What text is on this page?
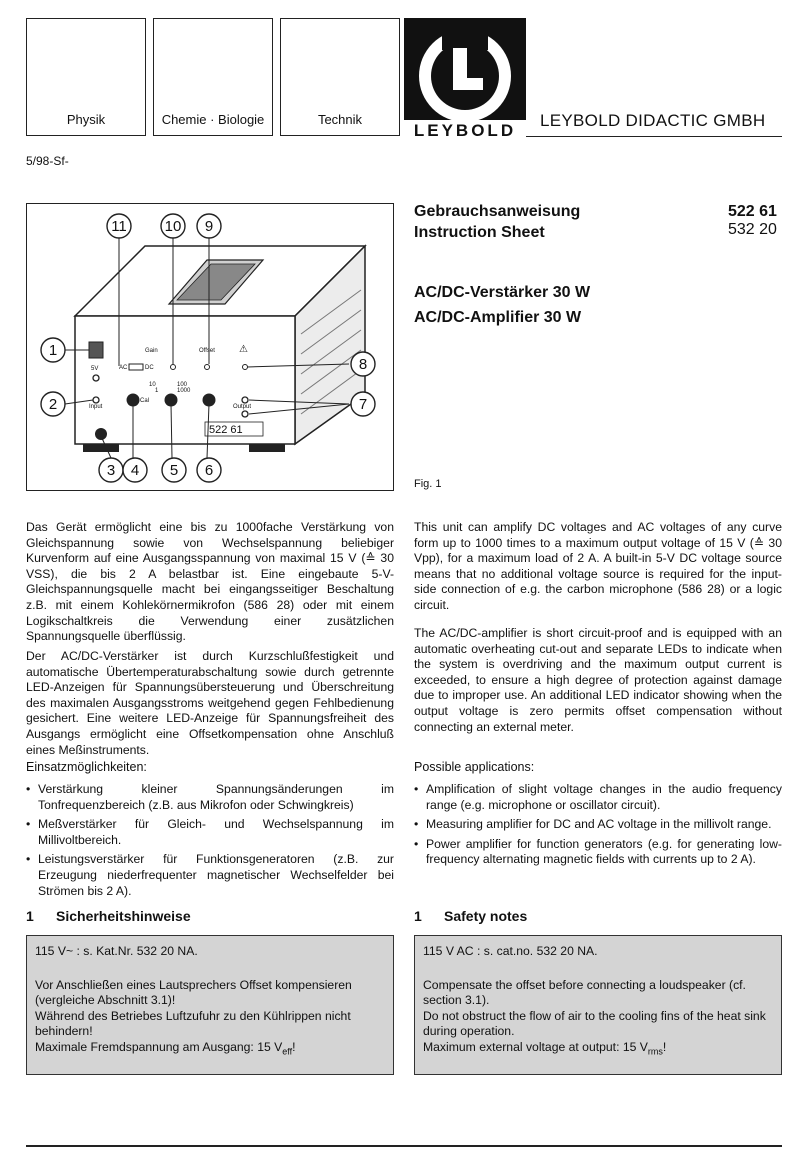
Physik	Chemie · Biologie	Technik
LEYBOLD
LEYBOLD DIDACTIC GMBH
5/98-Sf-
11	10 9
1
2
8
7
3 4 5 6
Gain	Offset ⚠
5V	AC	DC
Input	Output
Cal
10
1
100
1000
522 61
Fig. 1
Gebrauchsanweisung
Instruction Sheet
522 61
532 20
AC/DC-Verstärker 30 W
AC/DC-Amplifier 30 W

Das Gerät ermöglicht eine bis zu 1000fache Verstärkung von Gleichspannung sowie von Wechselspannung beliebiger Kurvenform auf eine Ausgangsspannung von maximal 15 V (≙ 30 VSS), die bis 2 A belastbar ist. Eine eingebaute 5-V-Gleichspannungsquelle macht bei eingangsseitiger Beschaltung z.B. mit einem Kohlekörnermikrofon (586 28) oder mit einem Logikschaltkreis die Verwendung einer zusätzlichen Spannungsquelle überflüssig.

Der AC/DC-Verstärker ist durch Kurzschlußfestigkeit und automatische Übertemperaturabschaltung sowie durch getrennte LED-Anzeigen für Spannungsübersteuerung und Überschreitung des maximalen Ausgangsstroms weitgehend gegen Fehlbedienung gesichert. Eine weitere LED-Anzeige für Spannungsfreiheit des Ausgangs ermöglicht eine Offsetkompensation ohne Anschluß eines Meßinstruments.

Einsatzmöglichkeiten:
• Verstärkung kleiner Spannungsänderungen im Tonfrequenzbereich (z.B. aus Mikrofon oder Schwingkreis)
• Meßverstärker für Gleich- und Wechselspannung im Millivoltbereich.
• Leistungsverstärker für Funktionsgeneratoren (z.B. zur Erzeugung niederfrequenter magnetischer Wechselfelder bei Strömen bis 2 A).
1 Sicherheitshinweise

115 V~ : s. Kat.Nr. 532 20 NA.

Vor Anschließen eines Lautsprechers Offset kompensieren (vergleiche Abschnitt 3.1)!

Während des Betriebes Luftzufuhr zu den Kühlrippen nicht behindern!

Maximale Fremdspannung am Ausgang: 15 $V_{eff}$!

This unit can amplify DC voltages and AC voltages of any curve form up to 1000 times to a maximum output voltage of 15 V (≙ 30 Vpp), for a maximum load of 2 A. A built-in 5-V DC voltage source means that no additional voltage source is required for the input-side connection of e.g. the carbon microphone (586 28) or a logic circuit.

The AC/DC-amplifier is short circuit-proof and is equipped with an automatic overheating cut-out and separate LEDs to indicate when the system is overdriving and the maximum output current is exceeded, to ensure a high degree of protection against damage due to improper use. An additional LED indicator showing when the output voltage is zero permits offset compensation without connecting an external meter.

Possible applications:
• Amplification of slight voltage changes in the audio frequency range (e.g. microphone or oscillator circuit).
• Measuring amplifier for DC and AC voltage in the millivolt range.
• Power amplifier for function generators (e.g. for generating low-frequency alternating magnetic fields with currents up to 2 A).
1 Safety notes

115 V AC : s. cat.no. 532 20 NA.

Compensate the offset before connecting a loudspeaker (cf. section 3.1).

Do not obstruct the flow of air to the cooling fins of the heat sink during operation.

Maximum external voltage at output: 15 $V_{rms}$!
